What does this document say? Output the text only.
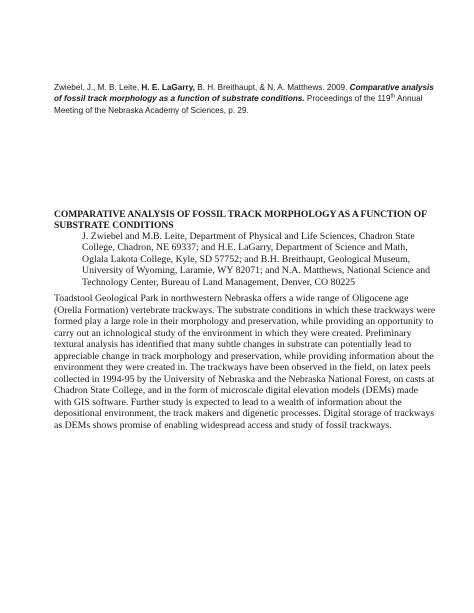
Zwiebel, J., M. B. Leite, H. E. LaGarry, B. H. Breithaupt, & N. A. Matthews. 2009. Comparative analysis of fossil track morphology as a function of substrate conditions. Proceedings of the 119th Annual Meeting of the Nebraska Academy of Sciences, p. 29.
COMPARATIVE ANALYSIS OF FOSSIL TRACK MORPHOLOGY AS A FUNCTION OF SUBSTRATE CONDITIONS

J. Zwiebel and M.B. Leite, Department of Physical and Life Sciences, Chadron State College, Chadron, NE 69337; and H.E. LaGarry, Department of Science and Math, Oglala Lakota College, Kyle, SD 57752; and B.H. Breithaupt, Geological Museum, University of Wyoming, Laramie, WY 82071; and N.A. Matthews, National Science and Technology Center, Bureau of Land Management, Denver, CO 80225

Toadstool Geological Park in northwestern Nebraska offers a wide range of Oligocene age (Orella Formation) vertebrate trackways. The substrate conditions in which these trackways were formed play a large role in their morphology and preservation, while providing an opportunity to carry out an ichnological study of the environment in which they were created. Preliminary textural analysis has identified that many subtle changes in substrate can potentially lead to appreciable change in track morphology and preservation, while providing information about the environment they were created in. The trackways have been observed in the field, on latex peels collected in 1994-95 by the University of Nebraska and the Nebraska National Forest, on casts at Chadron State College, and in the form of microscale digital elevation models (DEMs) made with GIS software. Further study is expected to lead to a wealth of information about the depositional environment, the track makers and digenetic processes. Digital storage of trackways as DEMs shows promise of enabling widespread access and study of fossil trackways.
